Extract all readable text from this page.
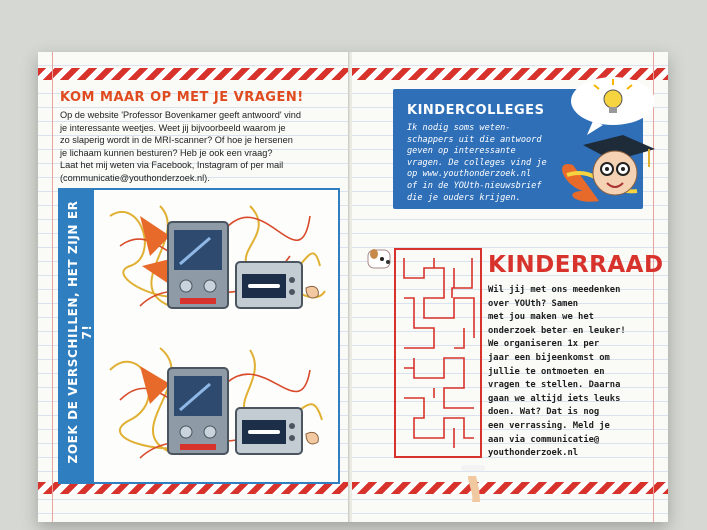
KOM MAAR OP MET JE VRAGEN!

Op de website 'Professor Bovenkamer geeft antwoord' vind

je interessante weetjes. Weet jij bijvoorbeeld waarom je

zo slaperig wordt in de MRI-scanner? Of hoe je hersenen

je lichaam kunnen besturen? Heb je ook een vraag?

Laat het mij weten via Facebook, Instagram of per mail

(communicatie@youthonderzoek.nl).

ZOEK DE VERSCHILLEN, HET ZIJN ER 7!
KINDERCOLLEGES
Ik nodig soms weten-
schappers uit die antwoord
geven op interessante
vragen. De colleges vind je
op www.youthonderzoek.nl
of in de YOUth-nieuwsbrief
die je ouders krijgen.
KINDERRAAD
Wil jij met ons meedenken
over YOUth? Samen
met jou maken we het
onderzoek beter en leuker!
We organiseren 1x per
jaar een bijeenkomst om
jullie te ontmoeten en
vragen te stellen. Daarna
gaan we altijd iets leuks
doen. Wat? Dat is nog
een verrassing. Meld je
aan via communicatie@
youthonderzoek.nl
